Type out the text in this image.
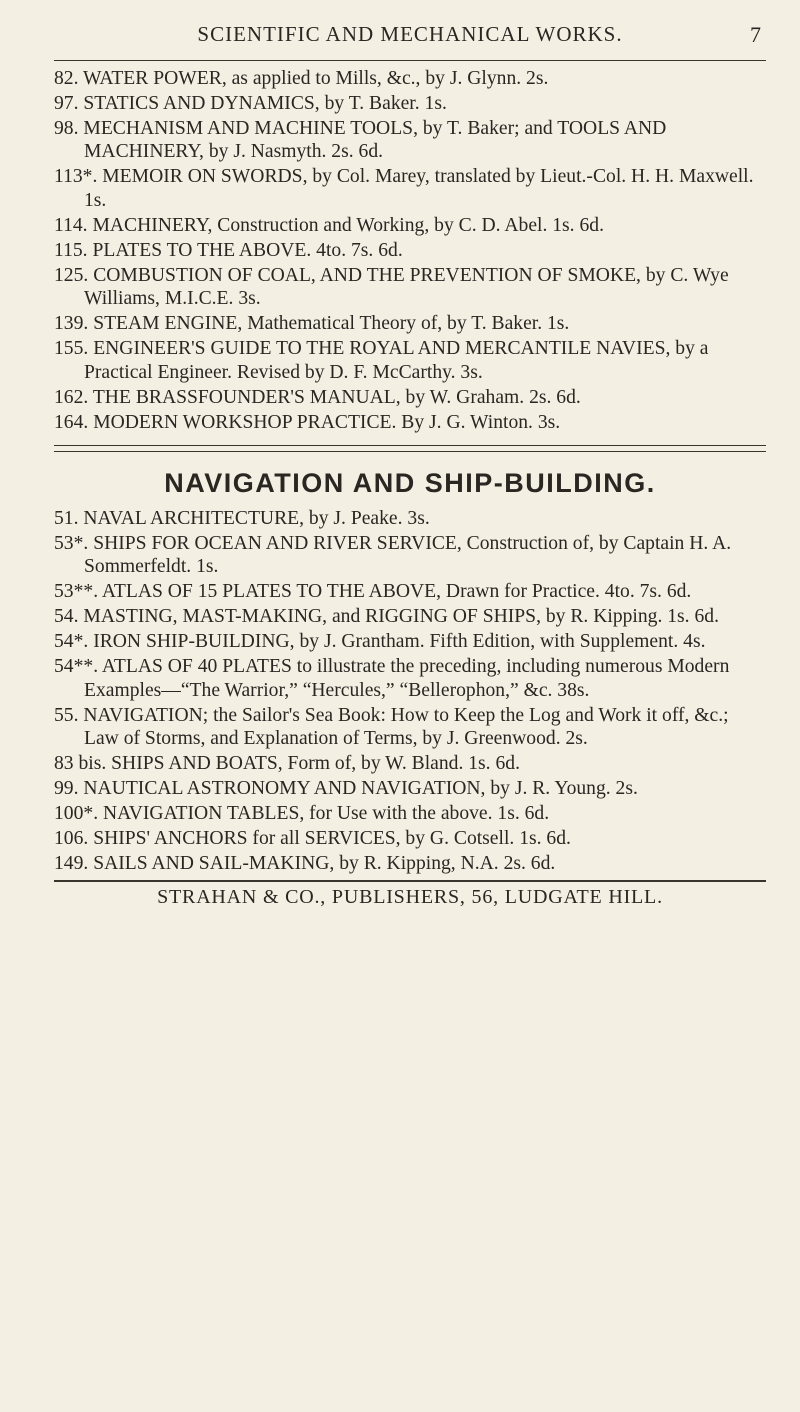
SCIENTIFIC AND MECHANICAL WORKS.	7

82. WATER POWER, as applied to Mills, &c., by J. Glynn. 2s.

97. STATICS AND DYNAMICS, by T. Baker. 1s.

98. MECHANISM AND MACHINE TOOLS, by T. Baker; and TOOLS AND MACHINERY, by J. Nasmyth. 2s. 6d.

113*. MEMOIR ON SWORDS, by Col. Marey, translated by Lieut.-Col. H. H. Maxwell. 1s.

114. MACHINERY, Construction and Working, by C. D. Abel. 1s. 6d.

115. PLATES TO THE ABOVE. 4to. 7s. 6d.

125. COMBUSTION OF COAL, AND THE PREVENTION OF SMOKE, by C. Wye Williams, M.I.C.E. 3s.

139. STEAM ENGINE, Mathematical Theory of, by T. Baker. 1s.

155. ENGINEER'S GUIDE TO THE ROYAL AND MERCANTILE NAVIES, by a Practical Engineer. Revised by D. F. McCarthy. 3s.

162. THE BRASSFOUNDER'S MANUAL, by W. Graham. 2s. 6d.

164. MODERN WORKSHOP PRACTICE. By J. G. Winton. 3s.

NAVIGATION AND SHIP-BUILDING.

51. NAVAL ARCHITECTURE, by J. Peake. 3s.

53*. SHIPS FOR OCEAN AND RIVER SERVICE, Construction of, by Captain H. A. Sommerfeldt. 1s.

53**. ATLAS OF 15 PLATES TO THE ABOVE, Drawn for Practice. 4to. 7s. 6d.

54. MASTING, MAST-MAKING, and RIGGING OF SHIPS, by R. Kipping. 1s. 6d.

54*. IRON SHIP-BUILDING, by J. Grantham. Fifth Edition, with Supplement. 4s.

54**. ATLAS OF 40 PLATES to illustrate the preceding, including numerous Modern Examples—“The Warrior,” “Hercules,” “Bellerophon,” &c. 38s.

55. NAVIGATION; the Sailor's Sea Book: How to Keep the Log and Work it off, &c.; Law of Storms, and Explanation of Terms, by J. Greenwood. 2s.

83 bis. SHIPS AND BOATS, Form of, by W. Bland. 1s. 6d.

99. NAUTICAL ASTRONOMY AND NAVIGATION, by J. R. Young. 2s.

100*. NAVIGATION TABLES, for Use with the above. 1s. 6d.

106. SHIPS' ANCHORS for all SERVICES, by G. Cotsell. 1s. 6d.

149. SAILS AND SAIL-MAKING, by R. Kipping, N.A. 2s. 6d.

STRAHAN & CO., PUBLISHERS, 56, LUDGATE HILL.
